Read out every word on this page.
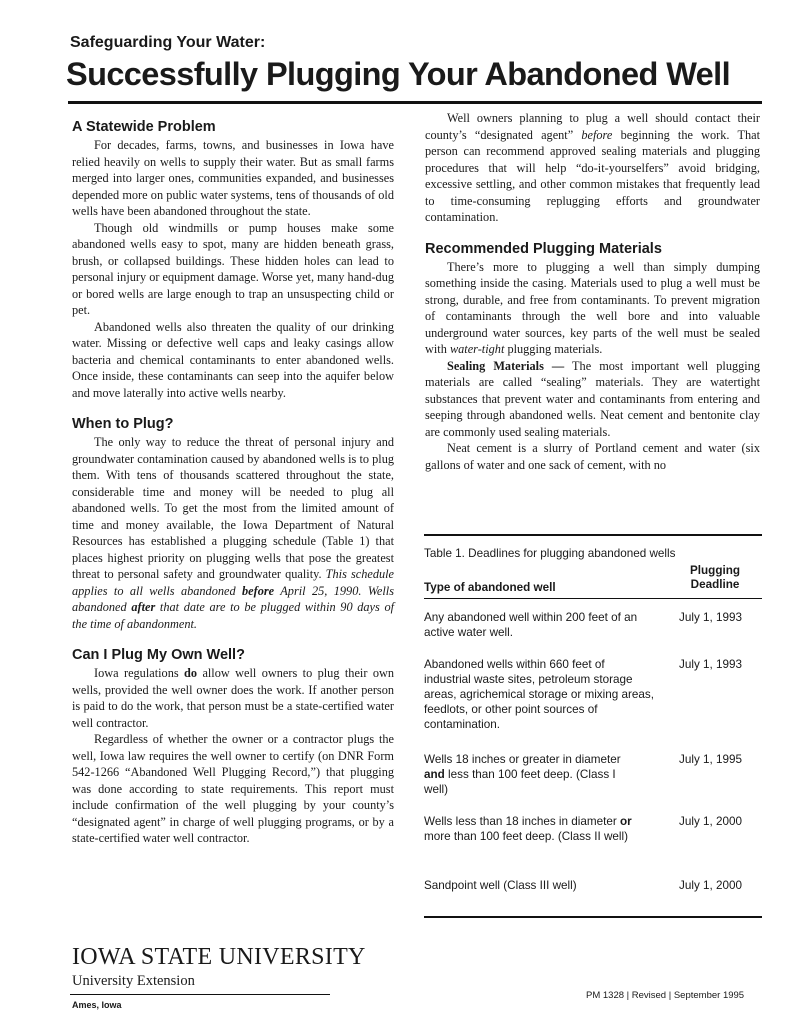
Safeguarding Your Water:
Successfully Plugging Your Abandoned Well
A Statewide Problem

For decades, farms, towns, and businesses in Iowa have relied heavily on wells to supply their water. But as small farms merged into larger ones, communities expanded, and businesses depended more on public water systems, tens of thousands of old wells have been abandoned throughout the state.

Though old windmills or pump houses make some abandoned wells easy to spot, many are hidden beneath grass, brush, or collapsed buildings. These hidden holes can lead to personal injury or equipment damage. Worse yet, many hand-dug or bored wells are large enough to trap an unsuspecting child or pet.

Abandoned wells also threaten the quality of our drinking water. Missing or defective well caps and leaky casings allow bacteria and chemical contaminants to enter abandoned wells. Once inside, these contaminants can seep into the aquifer below and move laterally into active wells nearby.

When to Plug?

The only way to reduce the threat of personal injury and groundwater contamination caused by abandoned wells is to plug them. With tens of thousands scattered throughout the state, considerable time and money will be needed to plug all abandoned wells. To get the most from the limited amount of time and money available, the Iowa Department of Natural Resources has established a plugging schedule (Table 1) that places highest priority on plugging wells that pose the greatest threat to personal safety and groundwater quality. This schedule applies to all wells abandoned before April 25, 1990. Wells abandoned after that date are to be plugged within 90 days of the time of abandonment.

Can I Plug My Own Well?

Iowa regulations do allow well owners to plug their own wells, provided the well owner does the work. If another person is paid to do the work, that person must be a state-certified water well contractor.

Regardless of whether the owner or a contractor plugs the well, Iowa law requires the well owner to certify (on DNR Form 542-1266 “Abandoned Well Plugging Record,”) that plugging was done according to state requirements. This report must include confirmation of the well plugging by your county’s “designated agent” in charge of well plugging programs, or by a state-certified water well contractor.

Well owners planning to plug a well should contact their county’s “designated agent” before beginning the work. That person can recommend approved sealing materials and plugging procedures that will help “do-it-yourselfers” avoid bridging, excessive settling, and other common mistakes that frequently lead to time-consuming replugging efforts and groundwater contamination.

Recommended Plugging Materials

There’s more to plugging a well than simply dumping something inside the casing. Materials used to plug a well must be strong, durable, and free from contaminants. To prevent migration of contaminants through the well bore and into valuable underground water sources, key parts of the well must be sealed with water-tight plugging materials.

Sealing Materials — The most important well plugging materials are called “sealing” materials. They are watertight substances that prevent water and contaminants from entering and seeping through abandoned wells. Neat cement and bentonite clay are commonly used sealing materials.

Neat cement is a slurry of Portland cement and water (six gallons of water and one sack of cement, with no

Table 1. Deadlines for plugging abandoned wells
Type of abandoned well
Plugging
Deadline
Any abandoned well within 200 feet of an active water well.
July 1, 1993
Abandoned wells within 660 feet of industrial waste sites, petroleum storage areas, agrichemical storage or mixing areas, feedlots, or other point sources of contamination.
July 1, 1993
Wells 18 inches or greater in diameter and less than 100 feet deep. (Class I well)
July 1, 1995
Wells less than 18 inches in diameter or more than 100 feet deep. (Class II well)
July 1, 2000
Sandpoint well (Class III well)	July 1, 2000
IOWA STATE UNIVERSITY
University Extension
Ames, Iowa
PM 1328 | Revised | September 1995
